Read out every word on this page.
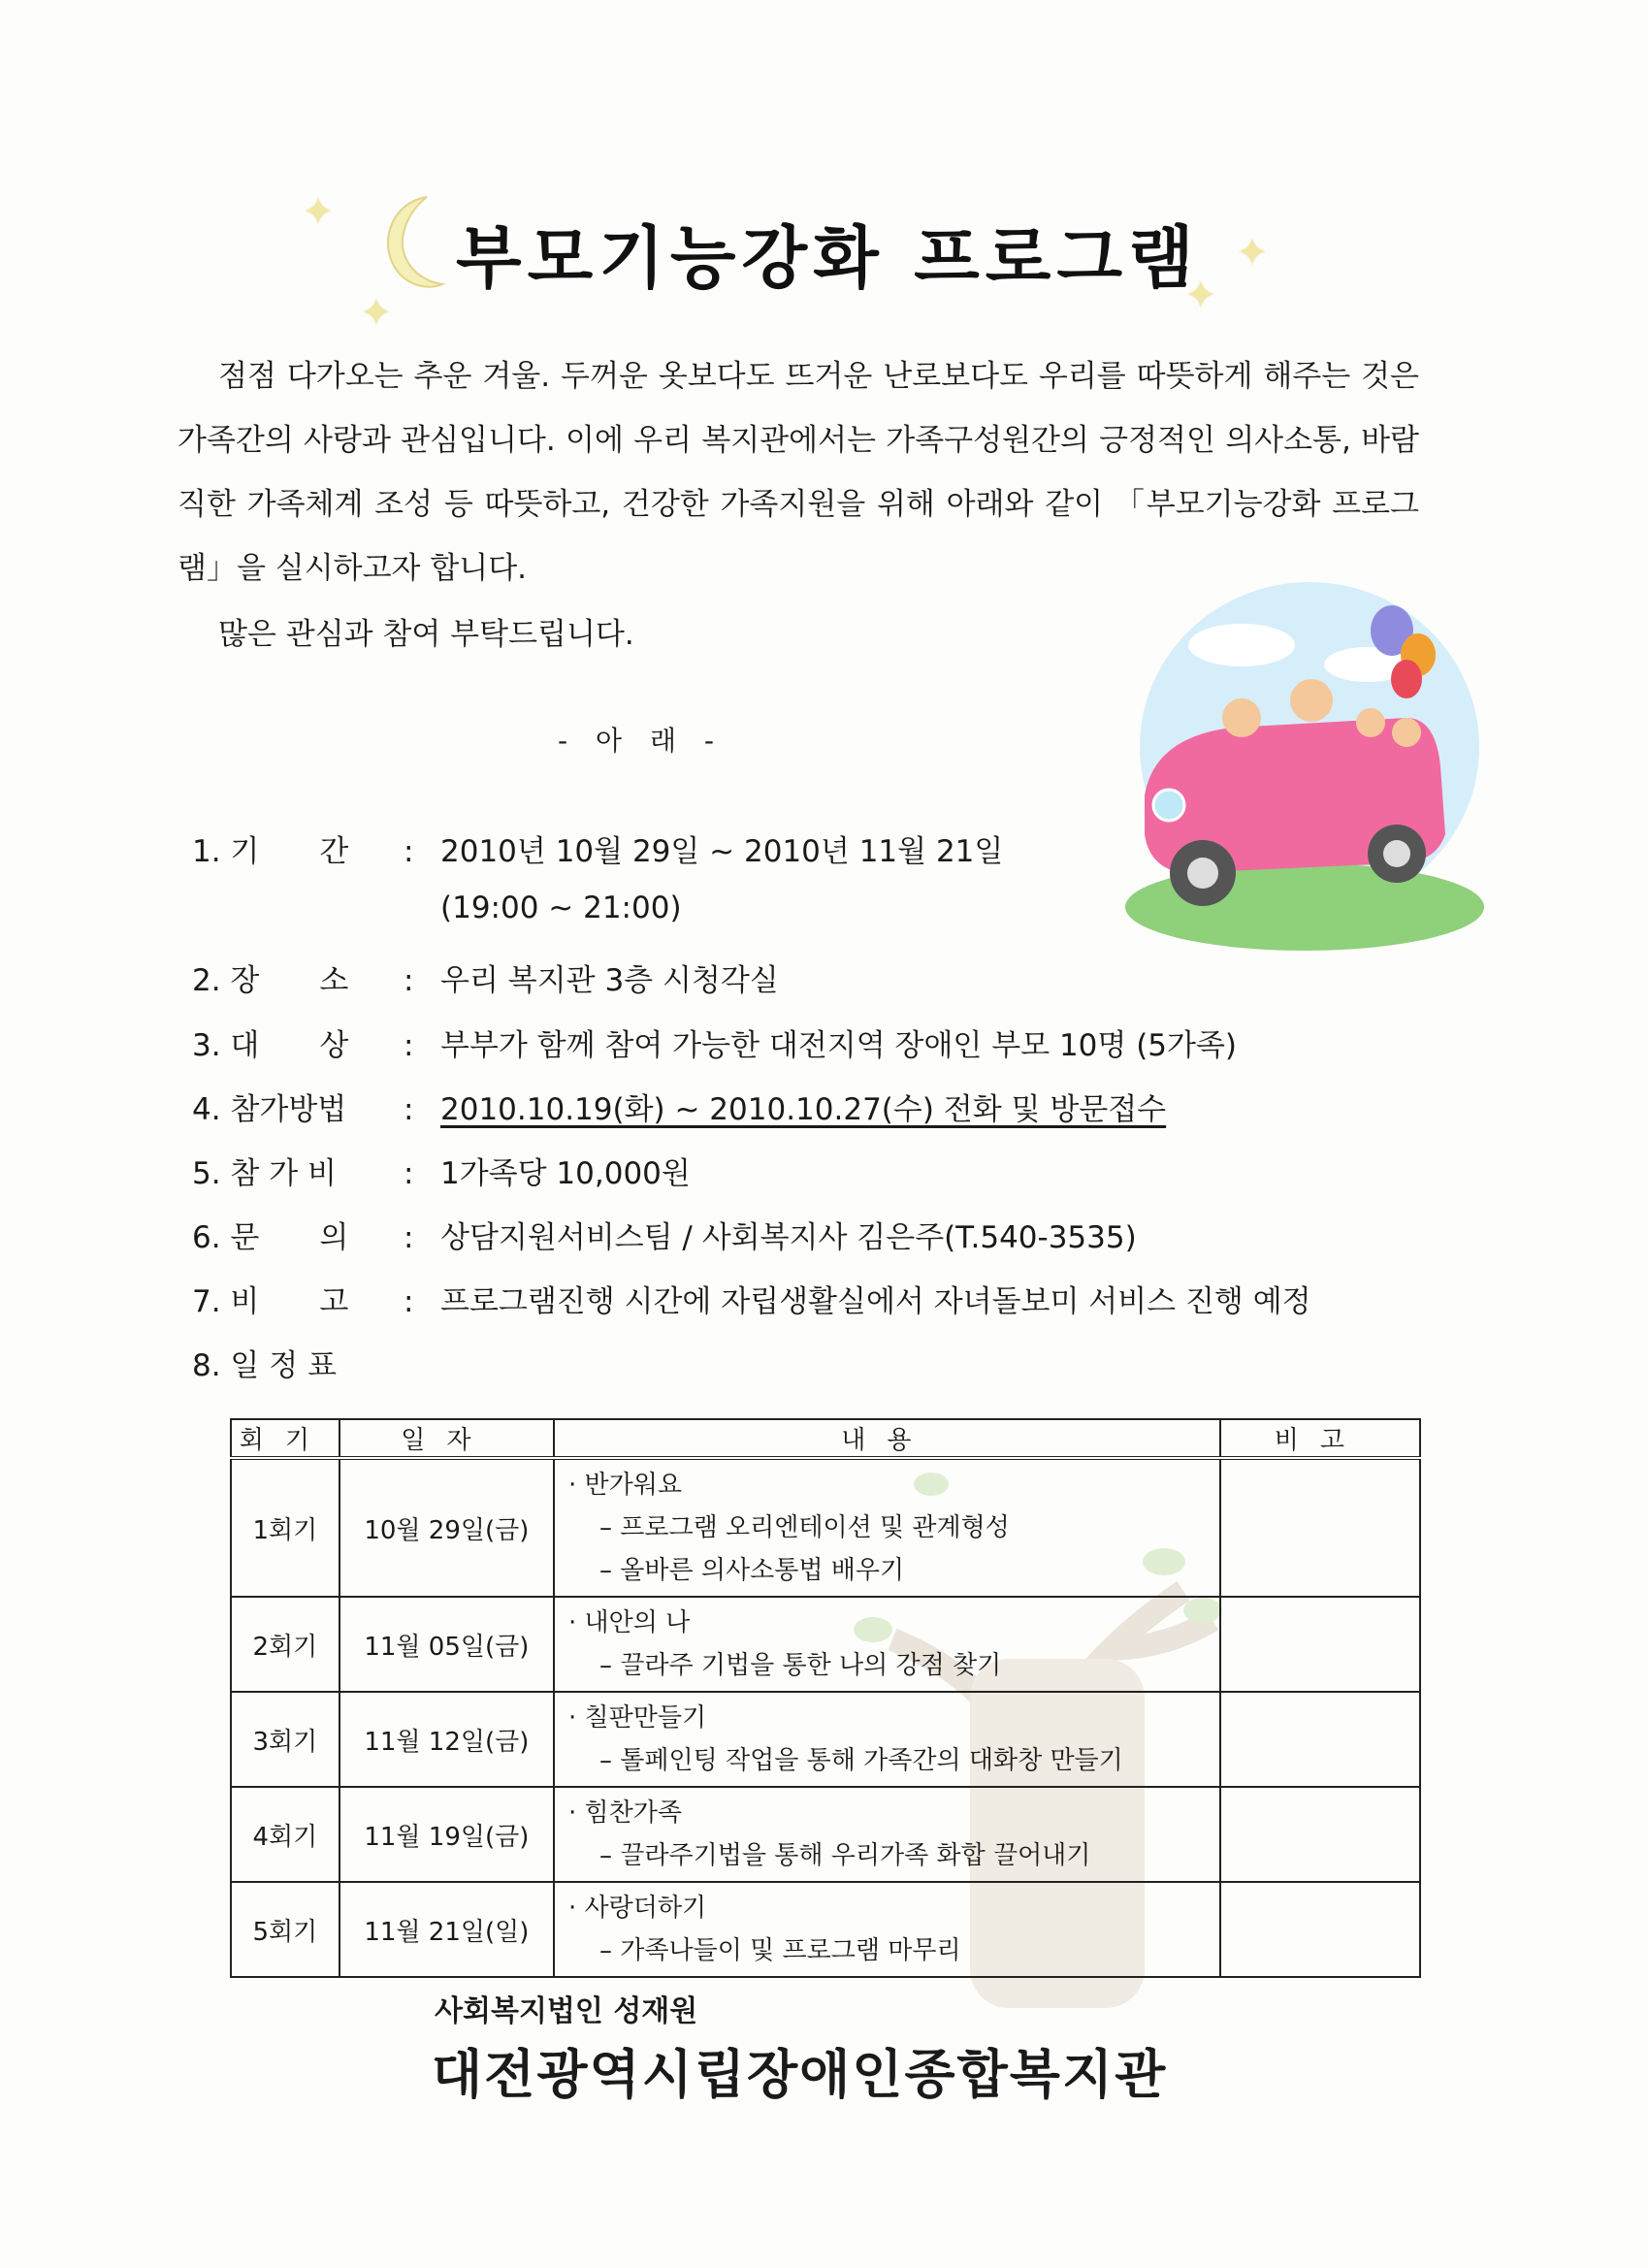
✦
✦	✦
✦
부모기능강화 프로그램

점점 다가오는 추운 겨울. 두꺼운 옷보다도 뜨거운 난로보다도 우리를 따뜻하게 해주는 것은 가족간의 사랑과 관심입니다. 이에 우리 복지관에서는 가족구성원간의 긍정적인 의사소통, 바람직한 가족체계 조성 등 따뜻하고, 건강한 가족지원을 위해 아래와 같이 「부모기능강화 프로그램」을 실시하고자 합니다.

많은 관심과 참여 부탁드립니다.
- 아 래 -
1. 기　　간 : 2010년 10월 29일 ~ 2010년 11월 21일
(19:00 ~ 21:00)
2. 장　　소 : 우리 복지관 3층 시청각실
3. 대　　상 : 부부가 함께 참여 가능한 대전지역 장애인 부모 10명 (5가족)
4. 참가방법 : 2010.10.19(화) ~ 2010.10.27(수) 전화 및 방문접수
5. 참 가 비 : 1가족당 10,000원
6. 문　　의 : 상담지원서비스팀 / 사회복지사 김은주(T.540-3535)
7. 비　　고 : 프로그램진행 시간에 자립생활실에서 자녀돌보미 서비스 진행 예정
8. 일 정 표
회기	일자	내용	비고
1회기	10월 29일(금)	· 반가워요
– 프로그램 오리엔테이션 및 관계형성
– 올바른 의사소통법 배우기	

2회기	11월 05일(금)	· 내안의 나
– 끌라주 기법을 통한 나의 강점 찾기	

3회기	11월 12일(금)	· 칠판만들기
– 톨페인팅 작업을 통해 가족간의 대화창 만들기	

4회기	11월 19일(금)	· 힘찬가족
– 끌라주기법을 통해 우리가족 화합 끌어내기	

5회기	11월 21일(일)	· 사랑더하기
– 가족나들이 및 프로그램 마무리	

사회복지법인 성재원
대전광역시립장애인종합복지관
